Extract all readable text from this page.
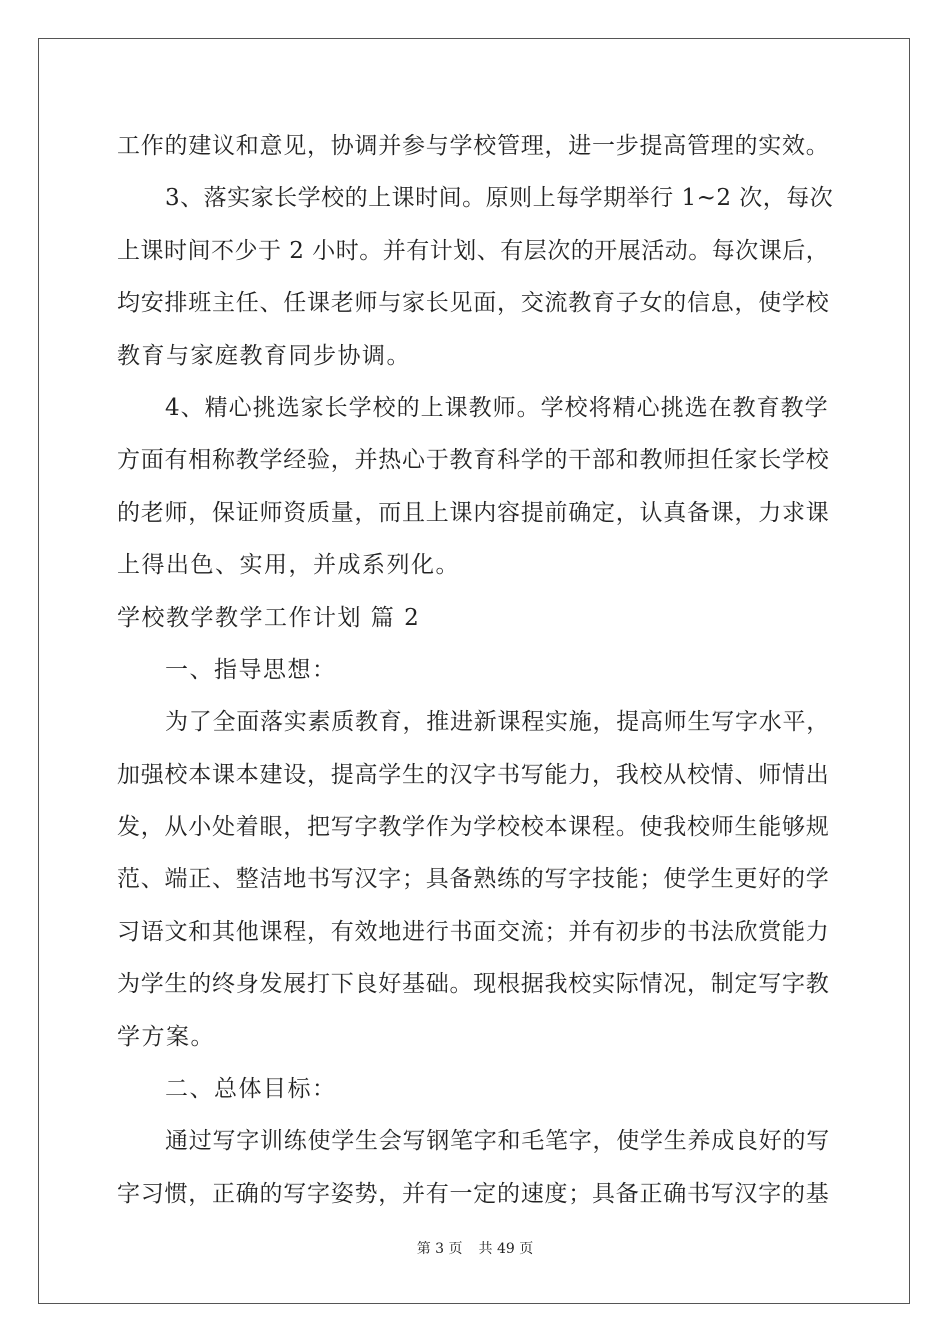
工作的建议和意见，协调并参与学校管理，进一步提高管理的实效。
3、落实家长学校的上课时间。原则上每学期举行 1~2 次，每次
上课时间不少于 2 小时。并有计划、有层次的开展活动。每次课后，
均安排班主任、任课老师与家长见面，交流教育子女的信息，使学校
教育与家庭教育同步协调。
4、精心挑选家长学校的上课教师。学校将精心挑选在教育教学
方面有相称教学经验，并热心于教育科学的干部和教师担任家长学校
的老师，保证师资质量，而且上课内容提前确定，认真备课，力求课
上得出色、实用，并成系列化。
学校教学教学工作计划 篇 2
一、指导思想：
为了全面落实素质教育，推进新课程实施，提高师生写字水平，
加强校本课本建设，提高学生的汉字书写能力，我校从校情、师情出
发，从小处着眼，把写字教学作为学校校本课程。使我校师生能够规
范、端正、整洁地书写汉字；具备熟练的写字技能；使学生更好的学
习语文和其他课程，有效地进行书面交流；并有初步的书法欣赏能力
为学生的终身发展打下良好基础。现根据我校实际情况，制定写字教
学方案。
二、总体目标：
通过写字训练使学生会写钢笔字和毛笔字，使学生养成良好的写
字习惯，正确的写字姿势，并有一定的速度；具备正确书写汉字的基
第 3 页 共 49 页
